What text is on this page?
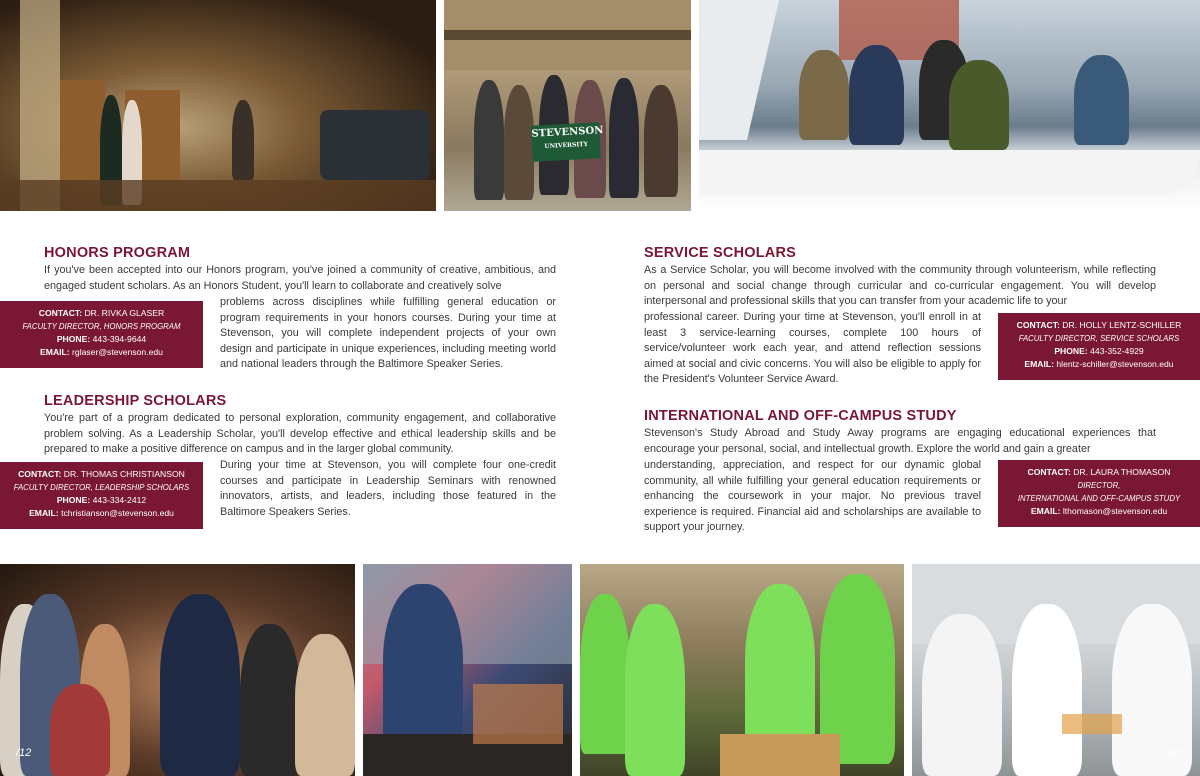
STEVENSON
UNIVERSITY
HONORS PROGRAM

If you've been accepted into our Honors program, you've joined a community of creative, ambitious, and engaged student scholars. As an Honors Student, you'll learn to collaborate and creatively solve

CONTACT: DR. RIVKA GLASER
FACULTY DIRECTOR, HONORS PROGRAM
PHONE: 443-394-9644
EMAIL: rglaser@stevenson.edu

problems across disciplines while fulfilling general education or program requirements in your honors courses. During your time at Stevenson, you will complete independent projects of your own design and participate in unique experiences, including meeting world and national leaders through the Baltimore Speaker Series.

LEADERSHIP SCHOLARS

You're part of a program dedicated to personal exploration, community engagement, and collaborative problem solving. As a Leadership Scholar, you'll develop effective and ethical leadership skills and be prepared to make a positive difference on campus and in the larger global community.

CONTACT: DR. THOMAS CHRISTIANSON
FACULTY DIRECTOR, LEADERSHIP SCHOLARS
PHONE: 443-334-2412
EMAIL: tchristianson@stevenson.edu

During your time at Stevenson, you will complete four one-credit courses and participate in Leadership Seminars with renowned innovators, artists, and leaders, including those featured in the Baltimore Speakers Series.

SERVICE SCHOLARS

As a Service Scholar, you will become involved with the community through volunteerism, while reflecting on personal and social change through curricular and co-curricular engagement. You will develop interpersonal and professional skills that you can transfer from your academic life to your

professional career. During your time at Stevenson, you'll enroll in at least 3 service-learning courses, complete 100 hours of service/volunteer work each year, and attend reflection sessions aimed at social and civic concerns. You will also be eligible to apply for the President's Volunteer Service Award.

CONTACT: DR. HOLLY LENTZ-SCHILLER
FACULTY DIRECTOR, SERVICE SCHOLARS
PHONE: 443-352-4929
EMAIL: hlentz-schiller@stevenson.edu
INTERNATIONAL AND OFF-CAMPUS STUDY

Stevenson's Study Abroad and Study Away programs are engaging educational experiences that encourage your personal, social, and intellectual growth. Explore the world and gain a greater

understanding, appreciation, and respect for our dynamic global community, all while fulfilling your general education requirements or enhancing the coursework in your major. No previous travel experience is required. Financial aid and scholarships are available to support your journey.

CONTACT: DR. LAURA THOMASON
DIRECTOR,
INTERNATIONAL AND OFF-CAMPUS STUDY
EMAIL: lthomason@stevenson.edu
/12	/13
